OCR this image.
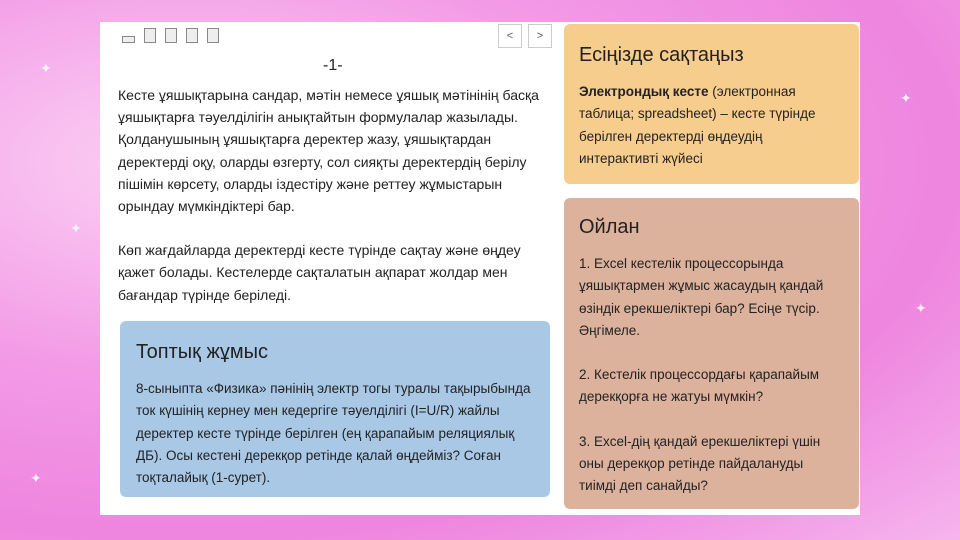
✦
✦
✦
✦
✦
<	>
-1-

Кесте ұяшықтарына сандар, мәтін немесе ұяшық мәтінінің басқа ұяшықтарға тәуелділігін анықтайтын формулалар жазылады. Қолданушының ұяшықтарға деректер жазу, ұяшықтардан деректерді оқу, оларды өзгерту, сол сияқты деректердің берілу пішімін көрсету, оларды іздестіру және реттеу жұмыстарын орындау мүмкіндіктері бар.

Көп жағдайларда деректерді кесте түрінде сақтау және өңдеу қажет болады. Кестелерде сақталатын ақпарат жолдар мен бағандар түрінде беріледі.

Топтық жұмыс
8-сыныпта «Физика» пәнінің электр тогы туралы тақырыбында ток күшінің кернеу мен кедергіге тәуелділігі (I=U/R) жайлы деректер кесте түрінде берілген (ең қарапайым реляциялық ДБ). Осы кестені дерекқор ретінде қалай өңдейміз? Соған тоқталайық (1-сурет).
Есіңізде сақтаңыз
Электрондық кесте (электронная таблица; spreadsheet) – кесте түрінде берілген деректерді өңдеудің интерактивті жүйесі
Ойлан

1. Excel кестелік процессорында ұяшықтармен жұмыс жасаудың қандай өзіндік ерекшеліктері бар? Есіңе түсір. Әңгімеле.

2. Кестелік процессордағы қарапайым дерекқорға не жатуы мүмкін?

3. Excel-дің қандай ерекшеліктері үшін оны дерекқор ретінде пайдалануды тиімді деп санайды?
